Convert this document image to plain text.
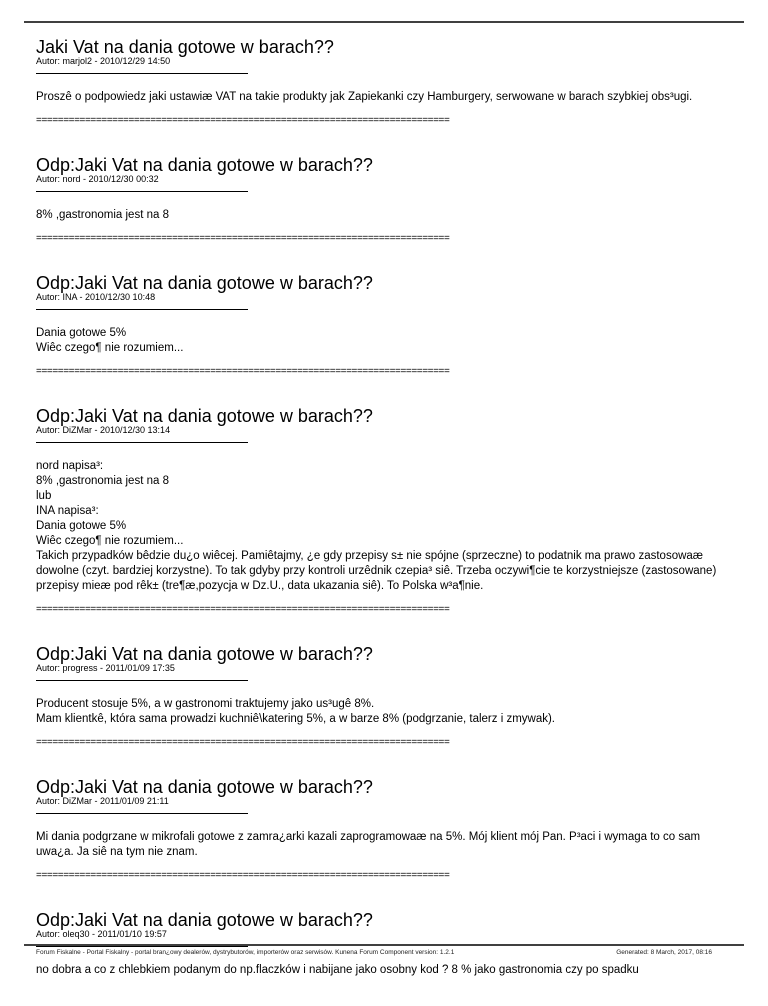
Jaki Vat na dania gotowe w barach??
Autor: marjol2 - 2010/12/29 14:50
Proszê o podpowiedz jaki ustawiæ VAT na takie produkty jak Zapiekanki czy Hamburgery, serwowane w barach szybkiej obs³ugi.
============================================================================
Odp:Jaki Vat na dania gotowe w barach??
Autor: nord - 2010/12/30 00:32
8% ,gastronomia jest na 8
============================================================================
Odp:Jaki Vat na dania gotowe w barach??
Autor: INA - 2010/12/30 10:48
Dania gotowe 5%
Wiêc czego¶ nie rozumiem...
============================================================================
Odp:Jaki Vat na dania gotowe w barach??
Autor: DiZMar - 2010/12/30 13:14
nord napisa³:
8% ,gastronomia jest na 8
lub
INA napisa³:
Dania gotowe 5%
Wiêc czego¶ nie rozumiem...
Takich przypadków bêdzie du¿o wiêcej. Pamiêtajmy, ¿e gdy przepisy s± nie spójne (sprzeczne) to podatnik ma prawo zastosowaæ dowolne (czyt. bardziej korzystne). To tak gdyby przy kontroli urzêdnik czepia³ siê. Trzeba oczywi¶cie te korzystniejsze (zastosowane) przepisy mieæ pod rêk± (tre¶æ,pozycja w Dz.U., data ukazania siê). To Polska w³a¶nie.
============================================================================
Odp:Jaki Vat na dania gotowe w barach??
Autor: progress - 2011/01/09 17:35
Producent stosuje 5%, a w gastronomi traktujemy jako us³ugê 8%.
Mam klientkê, która sama prowadzi kuchniê\katering 5%, a w barze 8% (podgrzanie, talerz i zmywak).
============================================================================
Odp:Jaki Vat na dania gotowe w barach??
Autor: DiZMar - 2011/01/09 21:11
Mi dania podgrzane w mikrofali gotowe z zamra¿arki kazali zaprogramowaæ na 5%. Mój klient mój Pan. P³aci i wymaga to co sam uwa¿a. Ja siê na tym nie znam.
============================================================================
Odp:Jaki Vat na dania gotowe w barach??
Autor: oleq30 - 2011/01/10 19:57
no dobra a co z chlebkiem podanym do np.flaczków i nabijane jako osobny kod ? 8 % jako gastronomia czy po spadku
Forum Fiskalne - Portal Fiskalny - portal bran¿owy dealerów, dystrybutorów, importerów oraz serwisów. Kunena Forum Component version: 1.2.1	Generated: 8 March, 2017, 08:16
